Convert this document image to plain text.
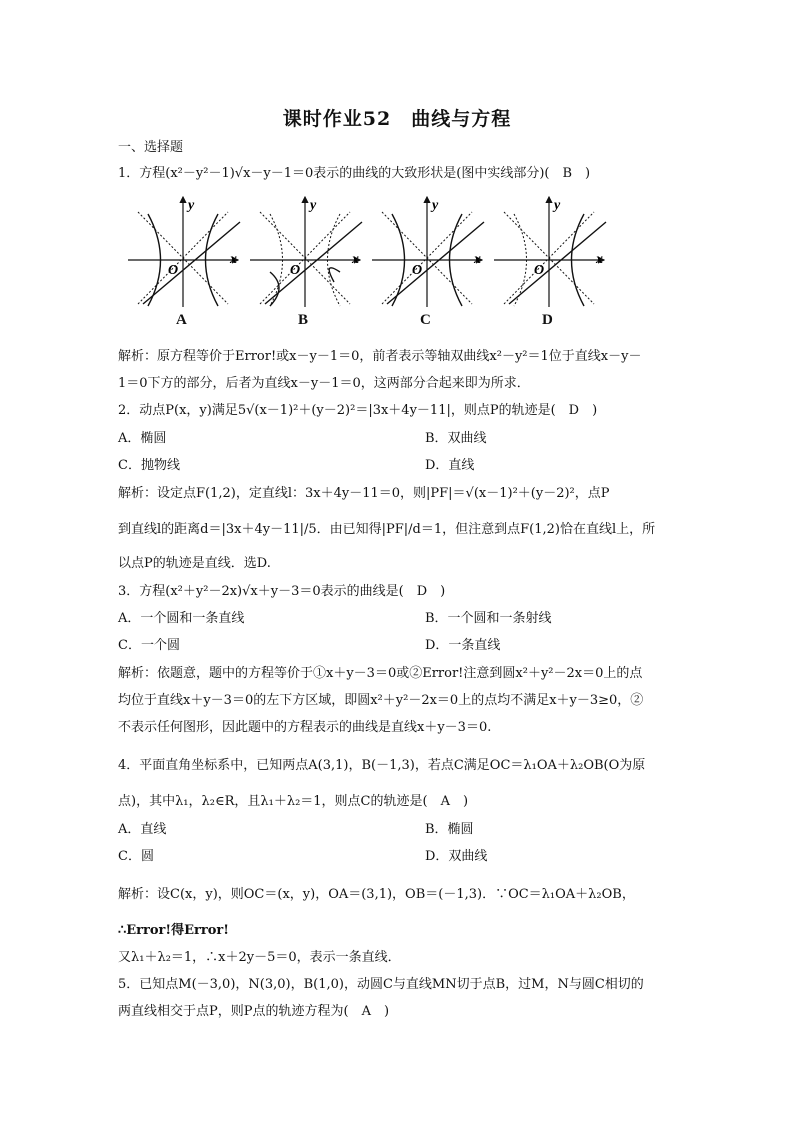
课时作业52　曲线与方程
一、选择题
1．方程(x²－y²－1)√x－y－1＝0表示的曲线的大致形状是(图中实线部分)(　B　)
y
x
O
y
x
O
y
x
O
y
x
O
A	B	C	D
解析：原方程等价于Error!或x－y－1＝0，前者表示等轴双曲线x²－y²＝1位于直线x－y－
1＝0下方的部分，后者为直线x－y－1＝0，这两部分合起来即为所求．
2．动点P(x，y)满足5√(x－1)²＋(y－2)²＝|3x＋4y－11|，则点P的轨迹是(　D　)
A．椭圆	B．双曲线
C．抛物线	D．直线
解析：设定点F(1,2)，定直线l：3x＋4y－11＝0，则|PF|＝√(x－1)²＋(y－2)²，点P
到直线l的距离d＝|3x＋4y－11|/5．由已知得|PF|/d＝1，但注意到点F(1,2)恰在直线l上，所
以点P的轨迹是直线．选D.
3．方程(x²＋y²－2x)√x＋y－3＝0表示的曲线是(　D　)
A．一个圆和一条直线	B．一个圆和一条射线
C．一个圆	D．一条直线
解析：依题意，题中的方程等价于①x＋y－3＝0或②Error!注意到圆x²＋y²－2x＝0上的点
均位于直线x＋y－3＝0的左下方区域，即圆x²＋y²－2x＝0上的点均不满足x＋y－3≥0，②
不表示任何图形，因此题中的方程表示的曲线是直线x＋y－3＝0.
4．平面直角坐标系中，已知两点A(3,1)，B(－1,3)，若点C满足OC＝λ₁OA＋λ₂OB(O为原
点)，其中λ₁，λ₂∈R，且λ₁＋λ₂＝1，则点C的轨迹是(　A　)
A．直线	B．椭圆
C．圆	D．双曲线
解析：设C(x，y)，则OC＝(x，y)，OA＝(3,1)，OB＝(－1,3)．∵OC＝λ₁OA＋λ₂OB，
∴Error!得Error!
又λ₁＋λ₂＝1，∴x＋2y－5＝0，表示一条直线．
5．已知点M(－3,0)，N(3,0)，B(1,0)，动圆C与直线MN切于点B，过M，N与圆C相切的
两直线相交于点P，则P点的轨迹方程为(　A　)
